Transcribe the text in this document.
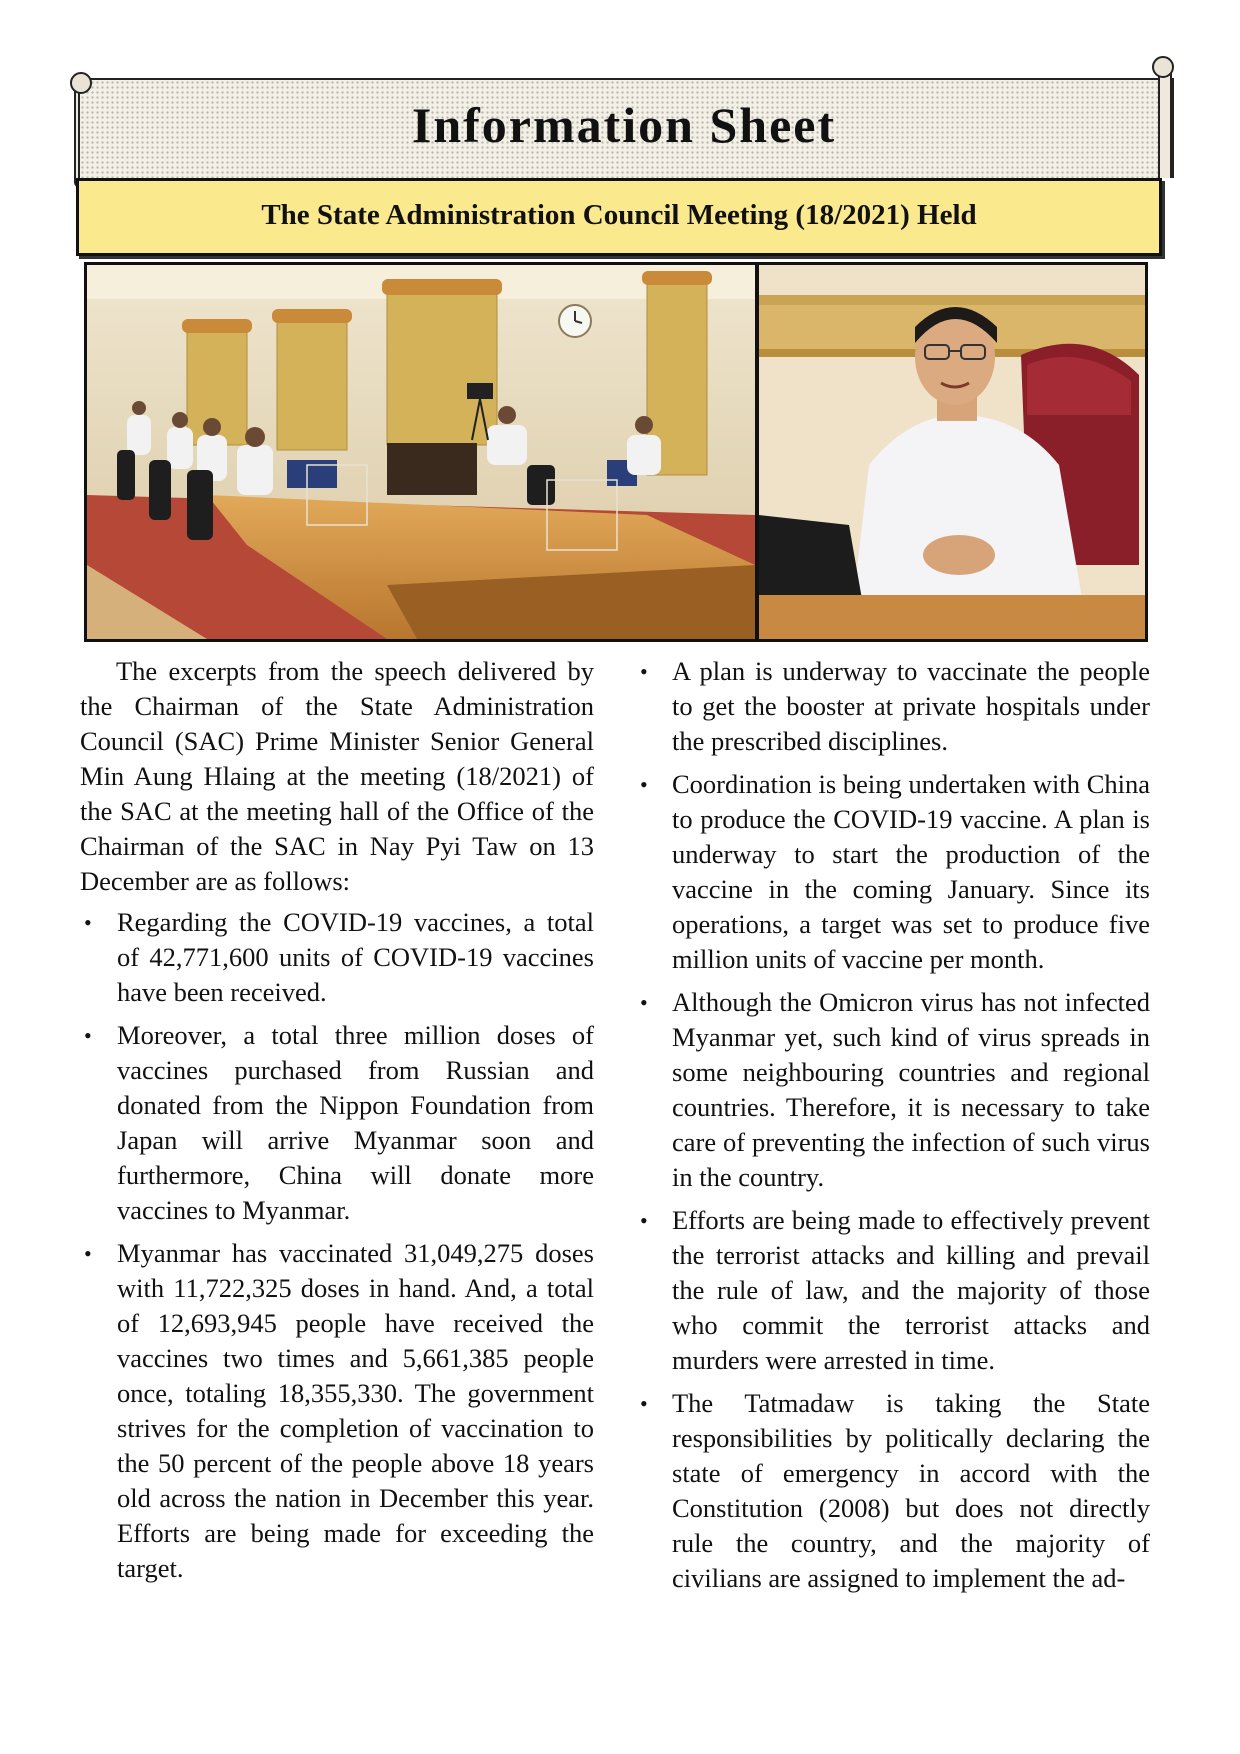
Information Sheet
The State Administration Council Meeting (18/2021) Held

The excerpts from the speech delivered by the Chairman of the State Administration Council (SAC) Prime Minister Senior General Min Aung Hlaing at the meeting (18/2021) of the SAC at the meeting hall of the Office of the Chairman of the SAC in Nay Pyi Taw on 13 December are as follows:

• Regarding the COVID-19 vaccines, a total of 42,771,600 units of COVID-19 vaccines have been received.
• Moreover, a total three million doses of vaccines purchased from Russian and donated from the Nippon Foundation from Japan will arrive Myanmar soon and furthermore, China will donate more vaccines to Myanmar.
• Myanmar has vaccinated 31,049,275 doses with 11,722,325 doses in hand. And, a total of 12,693,945 people have received the vaccines two times and 5,661,385 people once, totaling 18,355,330. The government strives for the completion of vaccination to the 50 percent of the people above 18 years old across the nation in December this year. Efforts are being made for exceeding the target.
• A plan is underway to vaccinate the people to get the booster at private hospitals under the prescribed disciplines.
• Coordination is being undertaken with China to produce the COVID-19 vaccine. A plan is underway to start the production of the vaccine in the coming January. Since its operations, a target was set to produce five million units of vaccine per month.
• Although the Omicron virus has not infected Myanmar yet, such kind of virus spreads in some neighbouring countries and regional countries. Therefore, it is necessary to take care of preventing the infection of such virus in the country.
• Efforts are being made to effectively prevent the terrorist attacks and killing and prevail the rule of law, and the majority of those who commit the terrorist attacks and murders were arrested in time.
• The Tatmadaw is taking the State responsibilities by politically declaring the state of emergency in accord with the Constitution (2008) but does not directly rule the country, and the majority of civilians are assigned to implement the ad-
